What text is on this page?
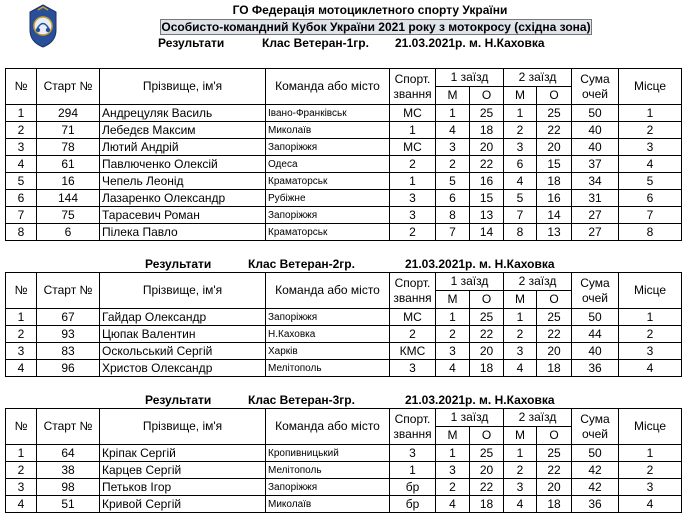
ГО Федерація мотоциклетного спорту України
Особисто-командний Кубок України 2021 року з мотокросу (східна зона)
Результати	Клас Ветеран-1гр. 21.03.2021р. м. Н.Каховка
№	Старт №	Прізвище, ім'я	Команда або місто	Спорт. звання	1 заїзд		2 заїзд		Сума очей	Місце
					М	О	М	О		
1	294	Андрецуляк Василь	Івано-Франківськ	МС	1	25	1	25	50	1
2	71	Лебедєв Максим	Миколаїв	1	4	18	2	22	40	2
3	78	Лютий Андрій	Запоріжжя	МС	3	20	3	20	40	3
4	61	Павлюченко Олексій	Одеса	2	2	22	6	15	37	4
5	16	Чепель Леонід	Краматорськ	1	5	16	4	18	34	5
6	144	Лазаренко Олександр	Рубіжне	3	6	15	5	16	31	6
7	75	Тарасевич Роман	Запоріжжя	3	8	13	7	14	27	7
8	6	Пілека Павло	Краматорськ	2	7	14	8	13	27	8
Результати	Клас Ветеран-2гр.	21.03.2021р. м. Н.Каховка
№	Старт №	Прізвище, ім'я	Команда або місто	Спорт. звання	1 заїзд		2 заїзд		Сума очей	Місце
					М	О	М	О		
1	67	Гайдар Олександр	Запоріжжя	МС	1	25	1	25	50	1
2	93	Цюпак Валентин	Н.Каховка	2	2	22	2	22	44	2
3	83	Оскольський Сергій	Харків	КМС	3	20	3	20	40	3
4	96	Христов Олександр	Мелітополь	3	4	18	4	18	36	4
Результати	Клас Ветеран-3гр.	21.03.2021р. м. Н.Каховка
№	Старт №	Прізвище, ім'я	Команда або місто	Спорт. звання	1 заїзд		2 заїзд		Сума очей	Місце
					М	О	М	О		
1	64	Кріпак Сергій	Кропивницький	3	1	25	1	25	50	1
2	38	Карцев Сергій	Мелітополь	1	3	20	2	22	42	2
3	98	Петьков Ігор	Запоріжжя	бр	2	22	3	20	42	3
4	51	Кривой Сергій	Миколаїв	бр	4	18	4	18	36	4
